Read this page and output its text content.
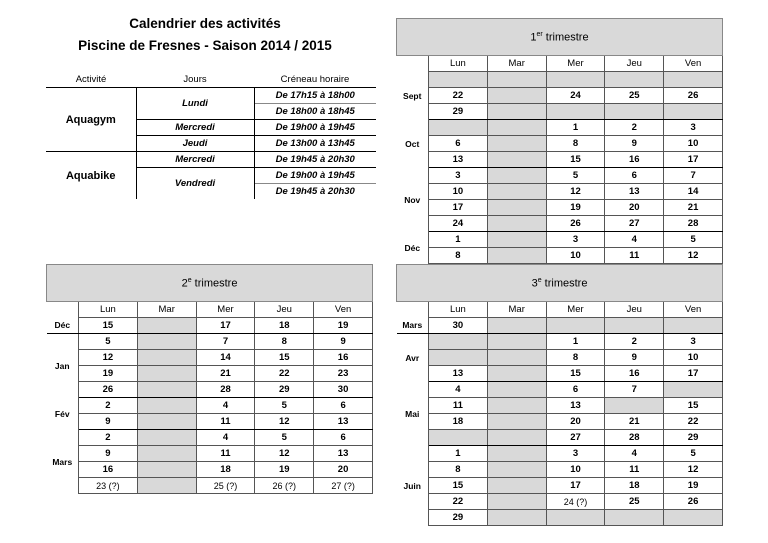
Calendrier des activités
Piscine de Fresnes - Saison 2014 / 2015
Activité	Jours	Créneau horaire
Aquagym	Lundi	De 17h15 à 18h00
		De 18h00 à 18h45
	Mercredi	De 19h00 à 19h45

	Jeudi	De 13h00 à 13h45

Aquabike	Mercredi	De 19h45 à 20h30

	Vendredi	De 19h00 à 19h45
		De 19h45 à 20h30
1er trimestre					
	Lun	Mar	Mer	Jeu	Ven
Sept					
	22		24	25	26
	29				
Oct			1	2	3
	6		8	9	10
	13		15	16	17
Nov	3		5	6	7
	10		12	13	14
	17		19	20	21
	24		26	27	28
Déc	1		3	4	5
	8		10	11	12
2e trimestre					
	Lun	Mar	Mer	Jeu	Ven
Déc	15		17	18	19
Jan	5		7	8	9
	12		14	15	16
	19		21	22	23
	26		28	29	30
Fév	2		4	5	6
	9		11	12	13
Mars	2		4	5	6
	9		11	12	13
	16		18	19	20
	23 (?)		25 (?)	26 (?)	27 (?)
3e trimestre					
	Lun	Mar	Mer	Jeu	Ven
Mars	30				
Avr			1	2	3
			8	9	10
	13		15	16	17
Mai	4		6	7	
	11		13		15
	18		20	21	22
			27	28	29
Juin	1		3	4	5
	8		10	11	12
	15		17	18	19
	22		24 (?)	25	26
	29				
